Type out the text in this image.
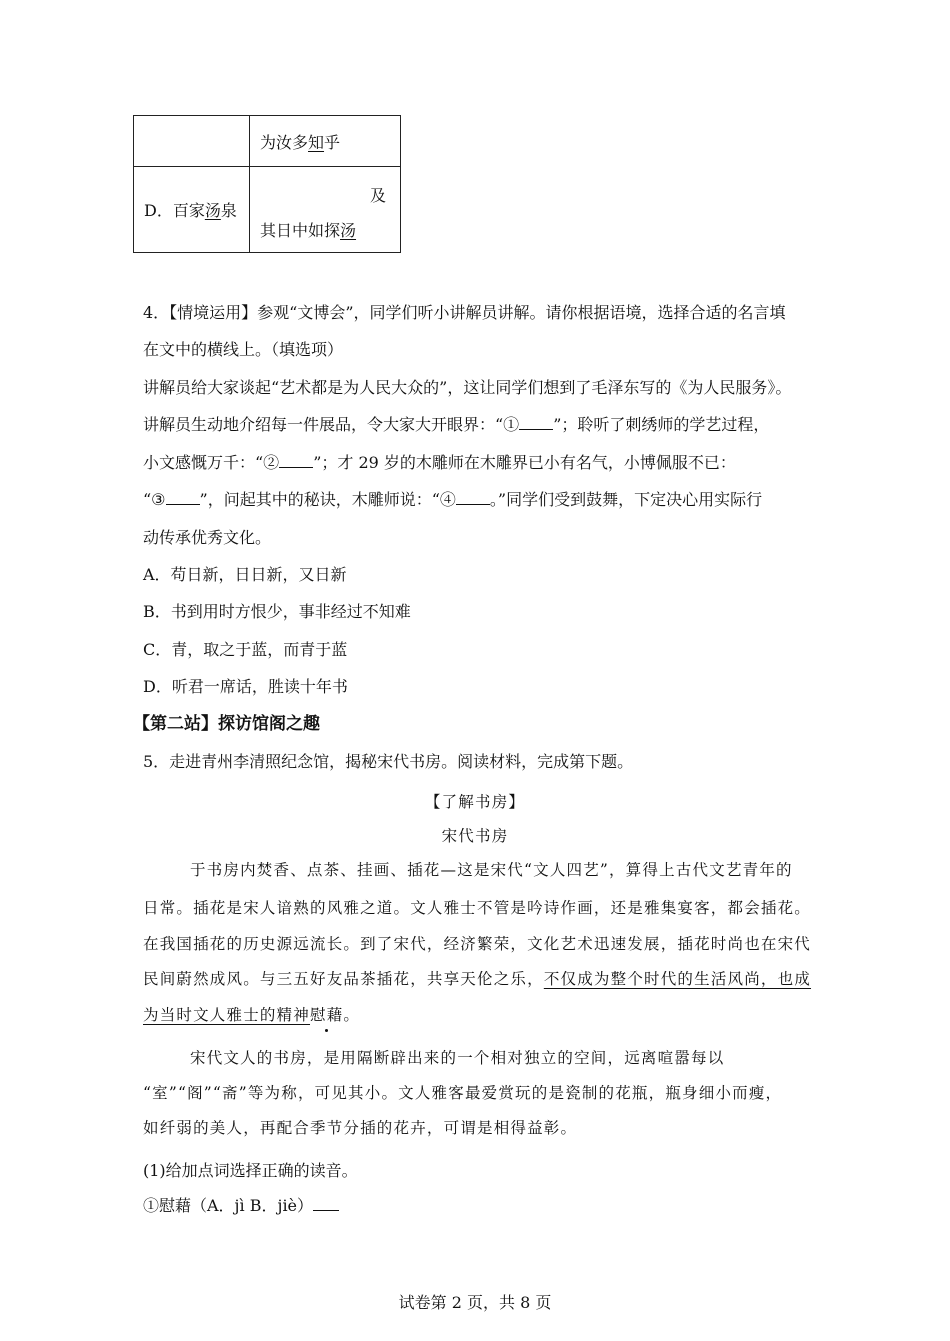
	为汝多知乎
D．百家汤泉	及
其日中如探汤
4．【情境运用】参观“文博会”，同学们听小讲解员讲解。请你根据语境，选择合适的名言填
在文中的横线上。（填选项）
讲解员给大家谈起“艺术都是为人民大众的”，这让同学们想到了毛泽东写的《为人民服务》。
讲解员生动地介绍每一件展品，令大家大开眼界：“① ”；聆听了刺绣师的学艺过程，
小文感慨万千：“② ”；才 29 岁的木雕师在木雕界已小有名气，小博佩服不已：
“③ ”，问起其中的秘诀，木雕师说：“④ 。”同学们受到鼓舞，下定决心用实际行
动传承优秀文化。
A．苟日新，日日新，又日新
B．书到用时方恨少，事非经过不知难
C．青，取之于蓝，而青于蓝
D．听君一席话，胜读十年书
【第二站】探访馆阁之趣
5．走进青州李清照纪念馆，揭秘宋代书房。阅读材料，完成第下题。
【了解书房】
宋代书房
于书房内焚香、点茶、挂画、插花—这是宋代“文人四艺”，算得上古代文艺青年的
日常。插花是宋人谙熟的风雅之道。文人雅士不管是吟诗作画，还是雅集宴客，都会插花。
在我国插花的历史源远流长。到了宋代，经济繁荣，文化艺术迅速发展，插花时尚也在宋代
民间蔚然成风。与三五好友品茶插花，共享天伦之乐，不仅成为整个时代的生活风尚，也成
为当时文人雅士的精神慰藉。
宋代文人的书房，是用隔断辟出来的一个相对独立的空间，远离喧嚣每以
“室”“阁”“斋”等为称，可见其小。文人雅客最爱赏玩的是瓷制的花瓶，瓶身细小而瘦，
如纤弱的美人，再配合季节分插的花卉，可谓是相得益彰。
(1)给加点词选择正确的读音。
①慰藉（A．jì B．jiè）
试卷第 2 页，共 8 页
